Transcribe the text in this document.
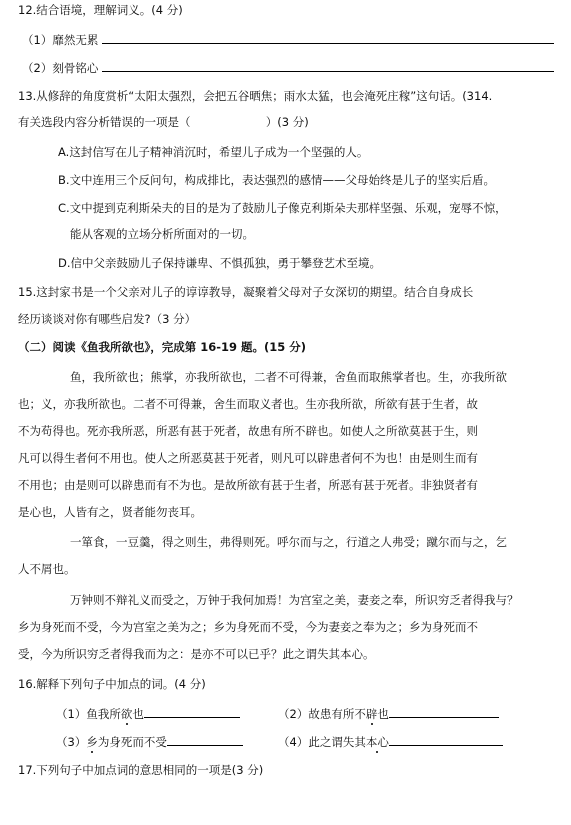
12.结合语境，理解词义。(4 分)
（1）靡然无累
（2）刻骨铭心
13.从修辞的角度赏析“太阳太强烈，会把五谷晒焦；雨水太猛，也会淹死庄稼”这句话。(314.
有关选段内容分析错误的一项是（	）(3 分)
A.这封信写在儿子精神消沉时，希望儿子成为一个坚强的人。
B.文中连用三个反问句，构成排比，表达强烈的感情——父母始终是儿子的坚实后盾。
C.文中提到克利斯朵夫的目的是为了鼓励儿子像克利斯朵夫那样坚强、乐观，宠辱不惊，
能从客观的立场分析所面对的一切。
D.信中父亲鼓励儿子保持谦卑、不惧孤独，勇于攀登艺术至境。
15.这封家书是一个父亲对儿子的谆谆教导，凝聚着父母对子女深切的期望。结合自身成长
经历谈谈对你有哪些启发?（3 分）
（二）阅读《鱼我所欲也》，完成第 16-19 题。(15 分)
鱼，我所欲也；熊掌，亦我所欲也，二者不可得兼，舍鱼而取熊掌者也。生，亦我所欲
也；义，亦我所欲也。二者不可得兼，舍生而取义者也。生亦我所欲，所欲有甚于生者，故
不为苟得也。死亦我所恶，所恶有甚于死者，故患有所不辟也。如使人之所欲莫甚于生，则
凡可以得生者何不用也。使人之所恶莫甚于死者，则凡可以辟患者何不为也！由是则生而有
不用也；由是则可以辟患而有不为也。是故所欲有甚于生者，所恶有甚于死者。非独贤者有
是心也，人皆有之，贤者能勿丧耳。
一箪食，一豆羹，得之则生，弗得则死。呼尔而与之，行道之人弗受；蹴尔而与之，乞
人不屑也。
万钟则不辩礼义而受之，万钟于我何加焉！为宫室之美，妻妾之奉，所识穷乏者得我与？
乡为身死而不受，今为宫室之美为之；乡为身死而不受，今为妻妾之奉为之；乡为身死而不
受，今为所识穷乏者得我而为之：是亦不可以已乎？此之谓失其本心。
16.解释下列句子中加点的词。(4 分)
（1）鱼我所欲也	（2）故患有所不辟也
（3）乡为身死而不受	（4）此之谓失其本心
17.下列句子中加点词的意思相同的一项是(3 分)
